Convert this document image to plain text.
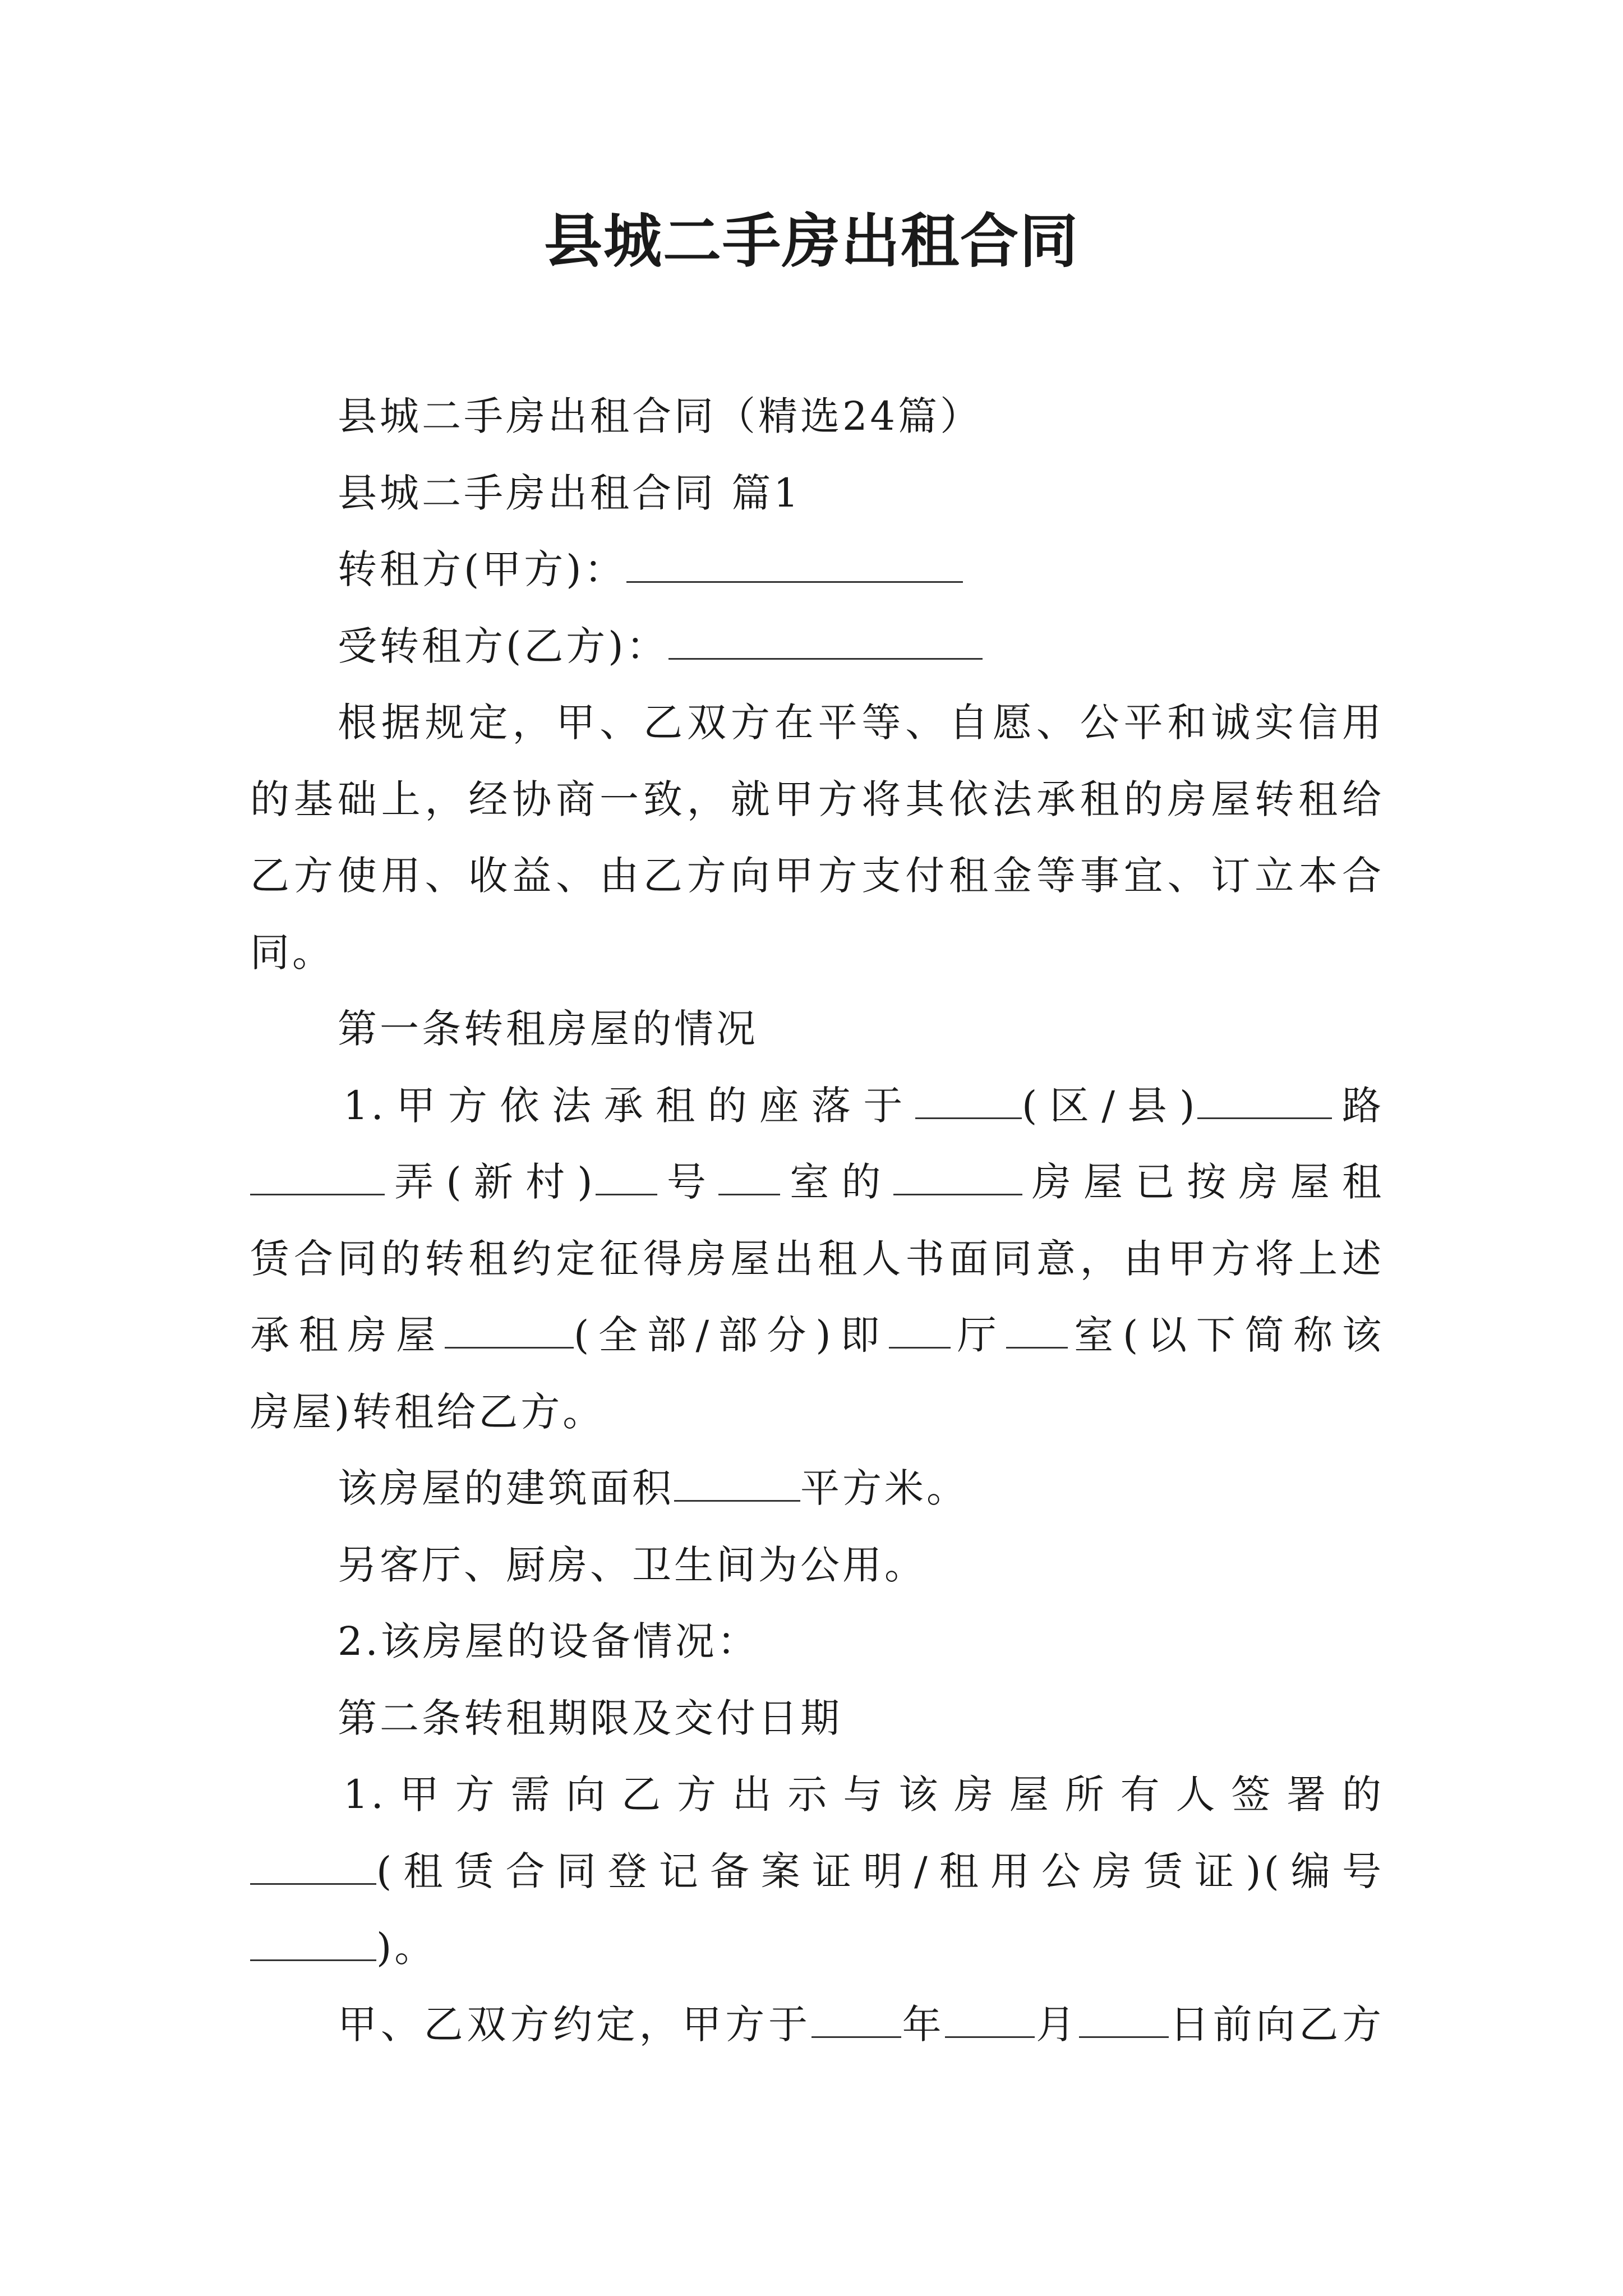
县城二手房出租合同

县城二手房出租合同（精选24篇）

县城二手房出租合同 篇1

转租方(甲方)：

受转租方(乙方)：

根据规定，甲、乙双方在平等、自愿、公平和诚实信用的基础上，经协商一致，就甲方将其依法承租的房屋转租给乙方使用、收益、由乙方向甲方支付租金等事宜、订立本合同。

第一条转租房屋的情况

1.甲方依法承租的座落于	(区/县)	路

弄(新村) 号 室的	房屋已按房屋租

赁合同的转租约定征得房屋出租人书面同意，由甲方将上述

承租房屋	(全部/部分)即 厅 室(以下简称该

房屋)转租给乙方。

该房屋的建筑面积	平方米。

另客厅、厨房、卫生间为公用。

2.该房屋的设备情况：

第二条转租期限及交付日期

1.甲方需向乙方出示与该房屋所有人签署的

(租赁合同登记备案证明/租用公房赁证)(编号

)。

甲、乙双方约定，甲方于 年 月 日前向乙方
